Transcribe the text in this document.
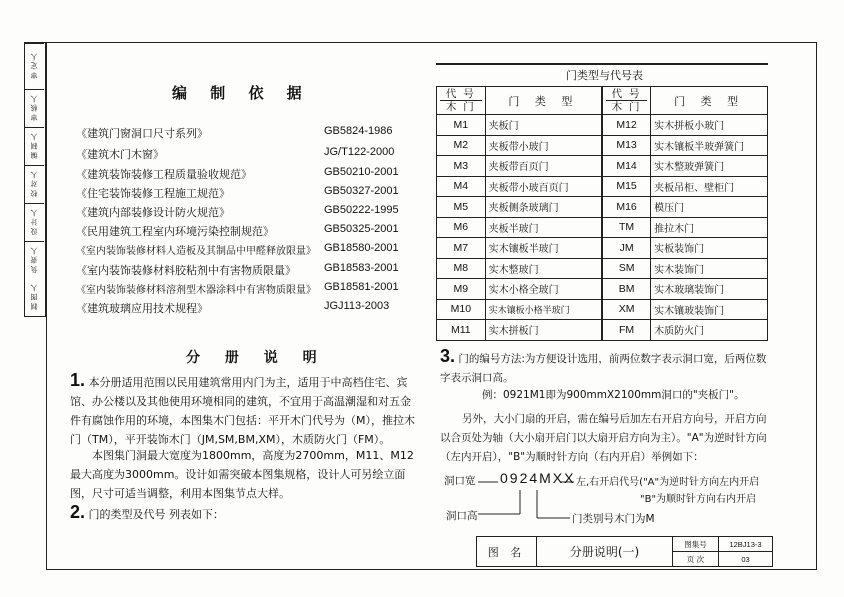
审 定 人
审 核 人
编 制 人
校 对 人
设 计 人
负 责 人
制 图 人
编 制 依 据
《建筑门窗洞口尺寸系列》	GB5824-1986
《建筑木门木窗》	JG/T122-2000
《建筑装饰装修工程质量验收规范》	GB50210-2001
《住宅装饰装修工程施工规范》	GB50327-2001
《建筑内部装修设计防火规范》	GB50222-1995
《民用建筑工程室内环境污染控制规范》	GB50325-2001
《室内装饰装修材料人造板及其制品中甲醛释放限量》 GB18580-2001
《室内装饰装修材料胶粘剂中有害物质限量》	GB18583-2001
《室内装饰装修材料溶剂型木器涂料中有害物质限量》 GB18581-2001
《建筑玻璃应用技术规程》	JGJ113-2003
分 册 说 明
1. 本分册适用范围以民用建筑常用内门为主，适用于中高档住宅、宾馆、办公楼以及其他使用环境相同的建筑，不宜用于高温潮湿和对五金件有腐蚀作用的环境，本图集木门包括：平开木门代号为（M），推拉木门（TM），平开装饰木门（JM,SM,BM,XM），木质防火门（FM）。
本图集门洞最大宽度为1800mm，高度为2700mm，M11、M12最大高度为3000mm。设计如需突破本图集规格，设计人可另绘立面图，尺寸可适当调整，利用本图集节点大样。
2. 门的类型及代号 列表如下：
门类型与代号表
代 号
木 门	门 类 型	代 号
木 门	门 类 型
M1	夹板门	M12	实木拼板小玻门
M2	夹板带小玻门	M13	实木镶板半玻弹簧门
M3	夹板带百页门	M14	实木整玻弹簧门
M4	夹板带小玻百页门	M15	夹板吊柜、壁柜门
M5	夹板侧条玻璃门	M16	模压门
M6	夹板半玻门	TM	推拉木门
M7	实木镶板半玻门	JM	实板装饰门
M8	实木整玻门	SM	实木装饰门
M9	实木小格全玻门	BM	实木玻璃装饰门
M10	实木镶板小格半玻门	XM	实木镶玻装饰门
M11	实木拼板门	FM	木质防火门
3. 门的编号方法:为方便设计选用，前两位数字表示洞口宽，后两位数字表示洞口高。
例：0921M1即为900mmX2100mm洞口的"夹板门"。
另外，大小门扇的开启，需在编号后加左右开启方向号，开启方向以合页处为轴（大小扇开启门以大扇开启方向为主）。"A"为逆时针方向（左内开启），"B"为顺时针方向（右内开启）举例如下：
洞口宽 0924MXX 左,右开启代号("A"为逆时针方向左内开启
"B"为顺时针方向右内开启
洞口高	门类别号木门为M
图 名	分册说明(一)
图集号	12BJ13-3
页 次	03
